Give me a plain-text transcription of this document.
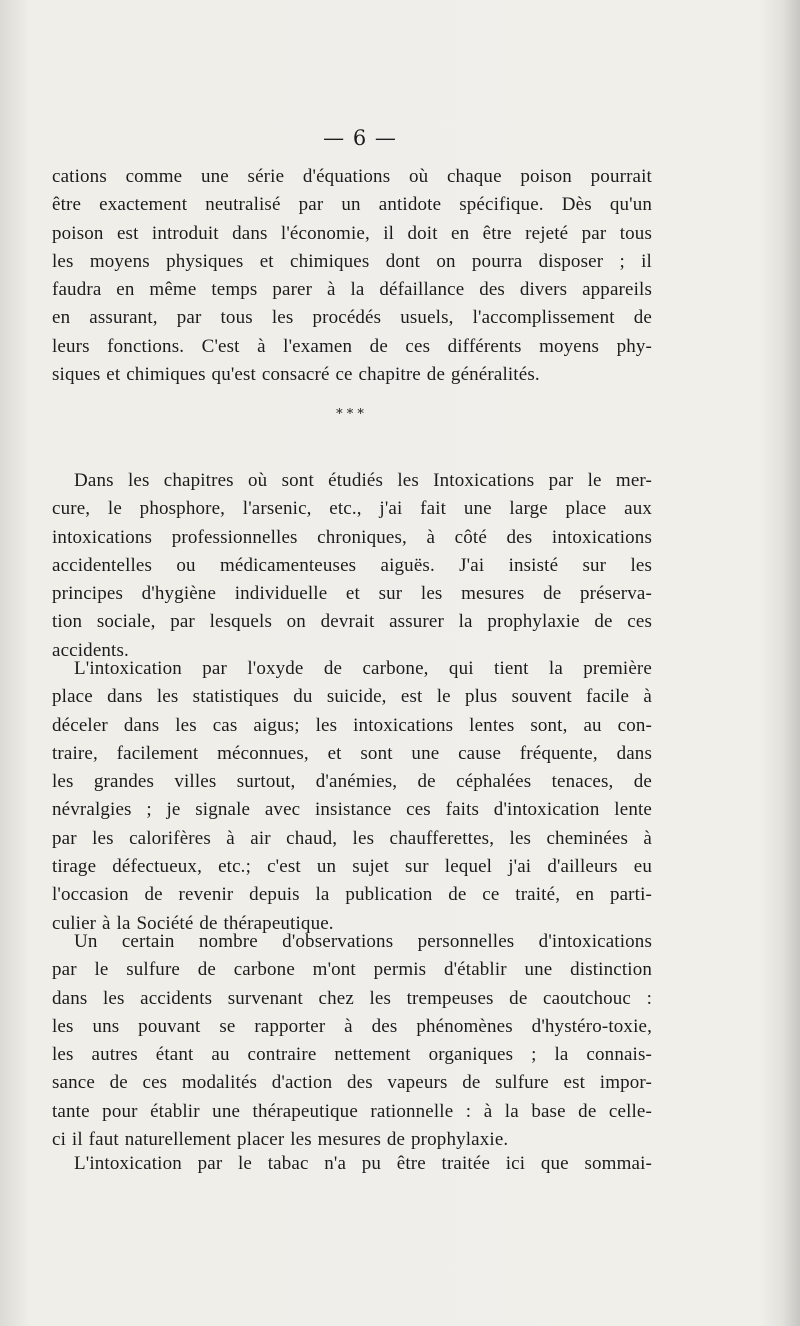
— 6 —
cations comme une série d'équations où chaque poison pourrait
être exactement neutralisé par un antidote spécifique. Dès qu'un
poison est introduit dans l'économie, il doit en être rejeté par tous
les moyens physiques et chimiques dont on pourra disposer ; il
faudra en même temps parer à la défaillance des divers appareils
en assurant, par tous les procédés usuels, l'accomplissement de
leurs fonctions. C'est à l'examen de ces différents moyens phy-
siques et chimiques qu'est consacré ce chapitre de généralités.
* * *
Dans les chapitres où sont étudiés les Intoxications par le mer-
cure, le phosphore, l'arsenic, etc., j'ai fait une large place aux
intoxications professionnelles chroniques, à côté des intoxications
accidentelles ou médicamenteuses aiguës. J'ai insisté sur les
principes d'hygiène individuelle et sur les mesures de préserva-
tion sociale, par lesquels on devrait assurer la prophylaxie de ces
accidents.
L'intoxication par l'oxyde de carbone, qui tient la première
place dans les statistiques du suicide, est le plus souvent facile à
déceler dans les cas aigus; les intoxications lentes sont, au con-
traire, facilement méconnues, et sont une cause fréquente, dans
les grandes villes surtout, d'anémies, de céphalées tenaces, de
névralgies ; je signale avec insistance ces faits d'intoxication lente
par les calorifères à air chaud, les chaufferettes, les cheminées à
tirage défectueux, etc.; c'est un sujet sur lequel j'ai d'ailleurs eu
l'occasion de revenir depuis la publication de ce traité, en parti-
culier à la Société de thérapeutique.
Un certain nombre d'observations personnelles d'intoxications
par le sulfure de carbone m'ont permis d'établir une distinction
dans les accidents survenant chez les trempeuses de caoutchouc :
les uns pouvant se rapporter à des phénomènes d'hystéro-toxie,
les autres étant au contraire nettement organiques ; la connais-
sance de ces modalités d'action des vapeurs de sulfure est impor-
tante pour établir une thérapeutique rationnelle : à la base de celle-
ci il faut naturellement placer les mesures de prophylaxie.
L'intoxication par le tabac n'a pu être traitée ici que sommai-
